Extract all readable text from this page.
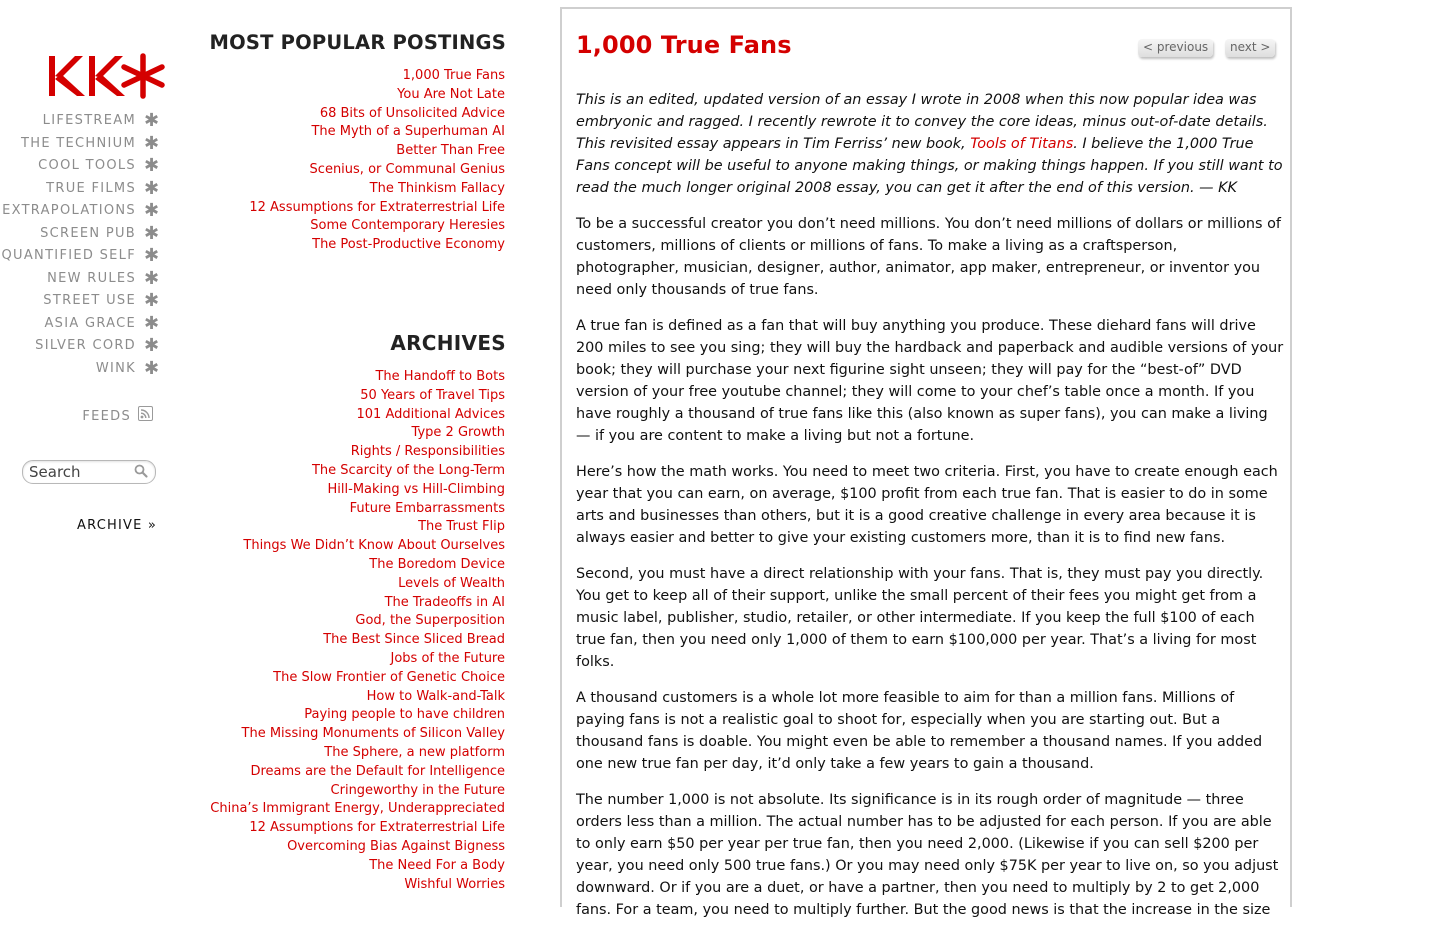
LIFESTREAM ✱
THE TECHNIUM ✱
COOL TOOLS ✱
TRUE FILMS ✱
EXTRAPOLATIONS ✱
SCREEN PUB ✱
QUANTIFIED SELF ✱
NEW RULES ✱
STREET USE ✱
ASIA GRACE ✱
SILVER CORD ✱
WINK ✱
FEEDS
Search
ARCHIVE »
MOST POPULAR POSTINGS
1,000 True Fans
You Are Not Late
68 Bits of Unsolicited Advice
The Myth of a Superhuman AI
Better Than Free
Scenius, or Communal Genius
The Thinkism Fallacy
12 Assumptions for Extraterrestrial Life
Some Contemporary Heresies
The Post-Productive Economy
ARCHIVES
The Handoff to Bots
50 Years of Travel Tips
101 Additional Advices
Type 2 Growth
Rights / Responsibilities
The Scarcity of the Long-Term
Hill-Making vs Hill-Climbing
Future Embarrassments
The Trust Flip
Things We Didn’t Know About Ourselves
The Boredom Device
Levels of Wealth
The Tradeoffs in AI
God, the Superposition
The Best Since Sliced Bread
Jobs of the Future
The Slow Frontier of Genetic Choice
How to Walk-and-Talk
Paying people to have children
The Missing Monuments of Silicon Valley
The Sphere, a new platform
Dreams are the Default for Intelligence
Cringeworthy in the Future
China’s Immigrant Energy, Underappreciated
12 Assumptions for Extraterrestrial Life
Overcoming Bias Against Bigness
The Need For a Body
Wishful Worries
1,000 True Fans	< previous	next >

This is an edited, updated version of an essay I wrote in 2008 when this now popular idea was embryonic and ragged. I recently rewrote it to convey the core ideas, minus out-of-date details. This revisited essay appears in Tim Ferriss’ new book, Tools of Titans. I believe the 1,000 True Fans concept will be useful to anyone making things, or making things happen. If you still want to read the much longer original 2008 essay, you can get it after the end of this version. — KK

To be a successful creator you don’t need millions. You don’t need millions of dollars or millions of customers, millions of clients or millions of fans. To make a living as a craftsperson, photographer, musician, designer, author, animator, app maker, entrepreneur, or inventor you need only thousands of true fans.

A true fan is defined as a fan that will buy anything you produce. These diehard fans will drive 200 miles to see you sing; they will buy the hardback and paperback and audible versions of your book; they will purchase your next figurine sight unseen; they will pay for the “best-of” DVD version of your free youtube channel; they will come to your chef’s table once a month. If you have roughly a thousand of true fans like this (also known as super fans), you can make a living — if you are content to make a living but not a fortune.

Here’s how the math works. You need to meet two criteria. First, you have to create enough each year that you can earn, on average, $100 profit from each true fan. That is easier to do in some arts and businesses than others, but it is a good creative challenge in every area because it is always easier and better to give your existing customers more, than it is to find new fans.

Second, you must have a direct relationship with your fans. That is, they must pay you directly. You get to keep all of their support, unlike the small percent of their fees you might get from a music label, publisher, studio, retailer, or other intermediate. If you keep the full $100 of each true fan, then you need only 1,000 of them to earn $100,000 per year. That’s a living for most folks.

A thousand customers is a whole lot more feasible to aim for than a million fans. Millions of paying fans is not a realistic goal to shoot for, especially when you are starting out. But a thousand fans is doable. You might even be able to remember a thousand names. If you added one new true fan per day, it’d only take a few years to gain a thousand.

The number 1,000 is not absolute. Its significance is in its rough order of magnitude — three orders less than a million. The actual number has to be adjusted for each person. If you are able to only earn $50 per year per true fan, then you need 2,000. (Likewise if you can sell $200 per year, you need only 500 true fans.) Or you may need only $75K per year to live on, so you adjust downward. Or if you are a duet, or have a partner, then you need to multiply by 2 to get 2,000 fans. For a team, you need to multiply further. But the good news is that the increase in the size
